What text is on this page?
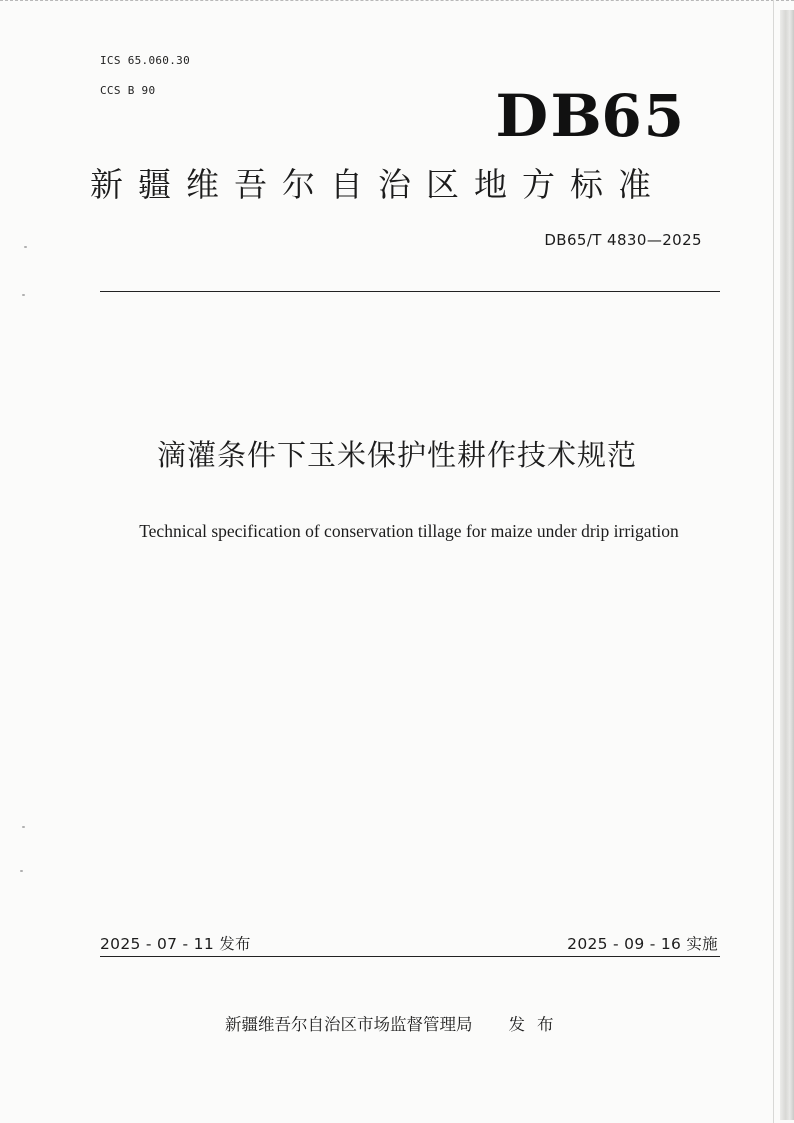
ICS 65.060.30
CCS B 90	DB65
新疆维吾尔自治区地方标准
DB65/T 4830—2025
滴灌条件下玉米保护性耕作技术规范
Technical specification of conservation tillage for maize under drip irrigation
2025 - 07 - 11 发布	2025 - 09 - 16 实施
新疆维吾尔自治区市场监督管理局 发布
